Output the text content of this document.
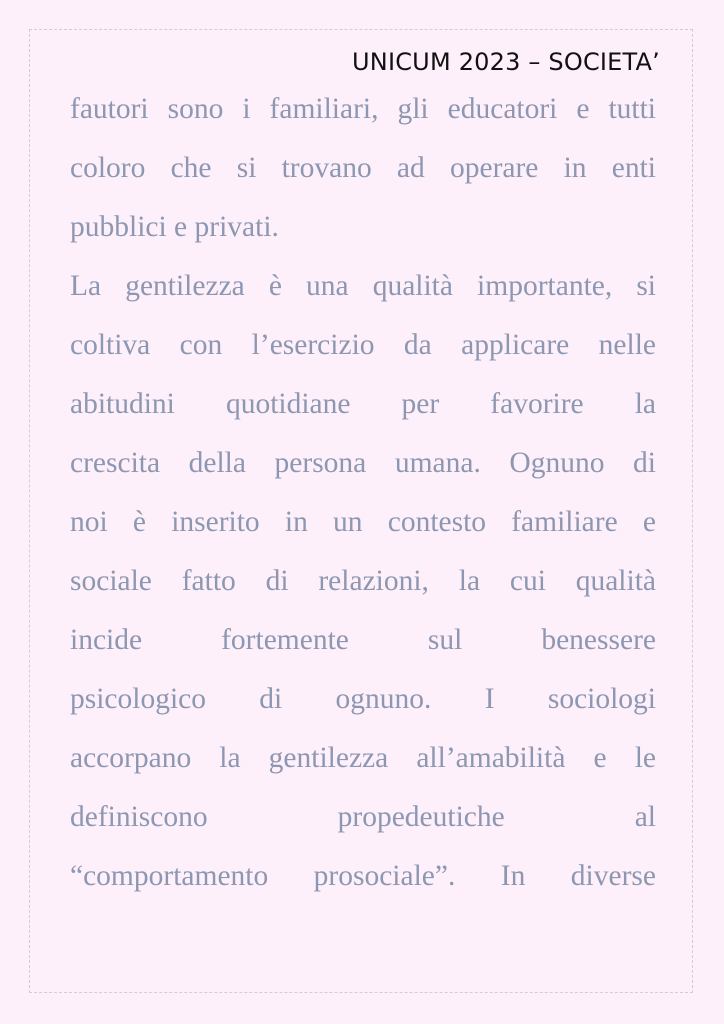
UNICUM 2023 – SOCIETA’
fautori sono i familiari, gli educatori e tutti
coloro che si trovano ad operare in enti
pubblici e privati.
La gentilezza è una qualità importante, si
coltiva con l’esercizio da applicare nelle
abitudini quotidiane per favorire la
crescita della persona umana. Ognuno di
noi è inserito in un contesto familiare e
sociale fatto di relazioni, la cui qualità
incide fortemente sul benessere
psicologico di ognuno. I sociologi
accorpano la gentilezza all’amabilità e le
definiscono propedeutiche al
“comportamento prosociale”. In diverse
